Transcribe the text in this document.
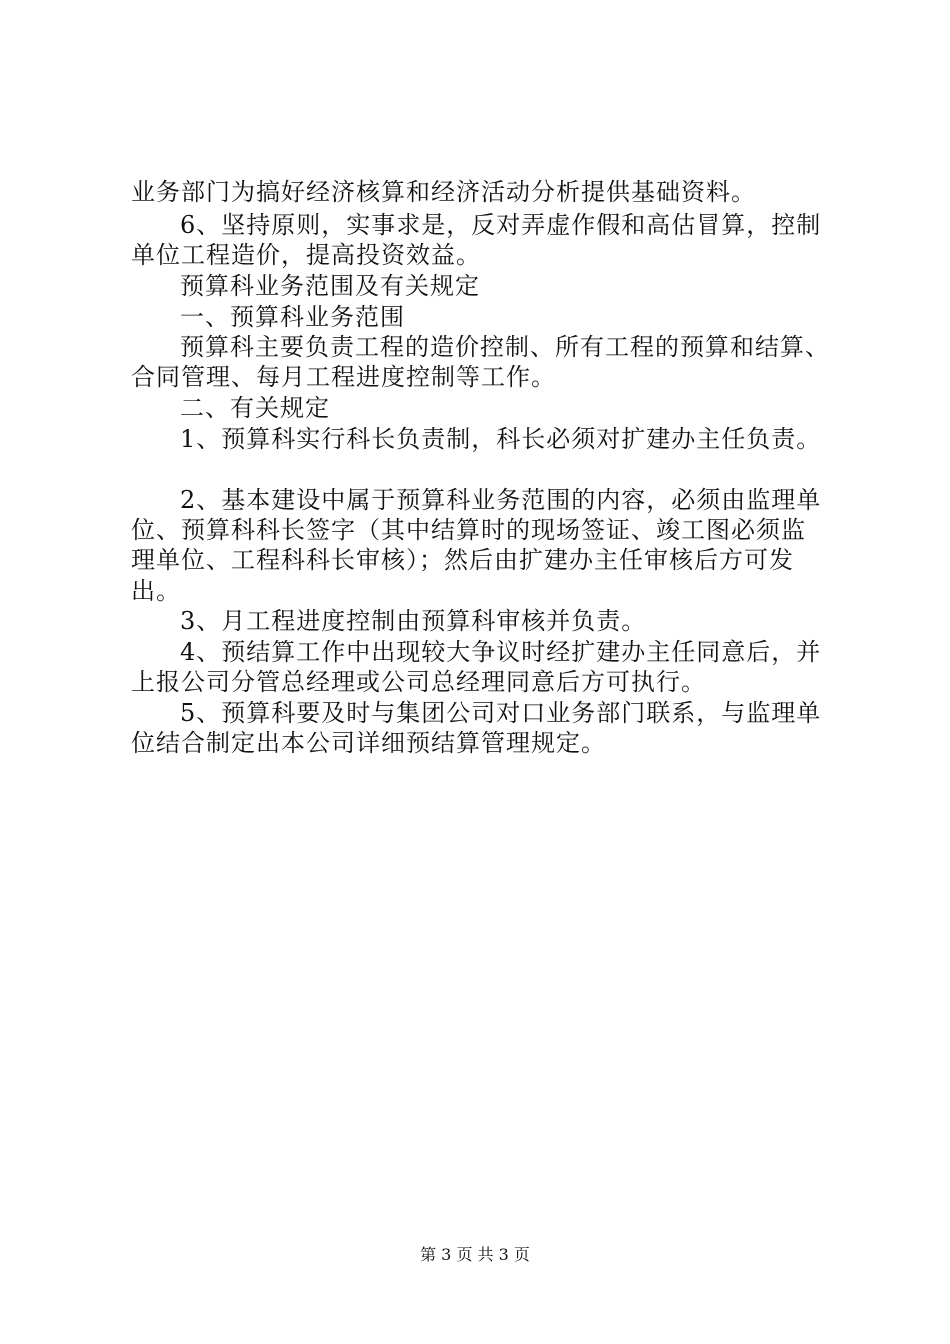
业务部门为搞好经济核算和经济活动分析提供基础资料。
6、坚持原则，实事求是，反对弄虚作假和高估冒算，控制
单位工程造价，提高投资效益。
预算科业务范围及有关规定
一、预算科业务范围
预算科主要负责工程的造价控制、所有工程的预算和结算、
合同管理、每月工程进度控制等工作。
二、有关规定
1、预算科实行科长负责制，科长必须对扩建办主任负责。
2、基本建设中属于预算科业务范围的内容，必须由监理单
位、预算科科长签字（其中结算时的现场签证、竣工图必须监
理单位、工程科科长审核）；然后由扩建办主任审核后方可发
出。
3、月工程进度控制由预算科审核并负责。
4、预结算工作中出现较大争议时经扩建办主任同意后，并
上报公司分管总经理或公司总经理同意后方可执行。
5、预算科要及时与集团公司对口业务部门联系，与监理单
位结合制定出本公司详细预结算管理规定。
第 3 页 共 3 页
